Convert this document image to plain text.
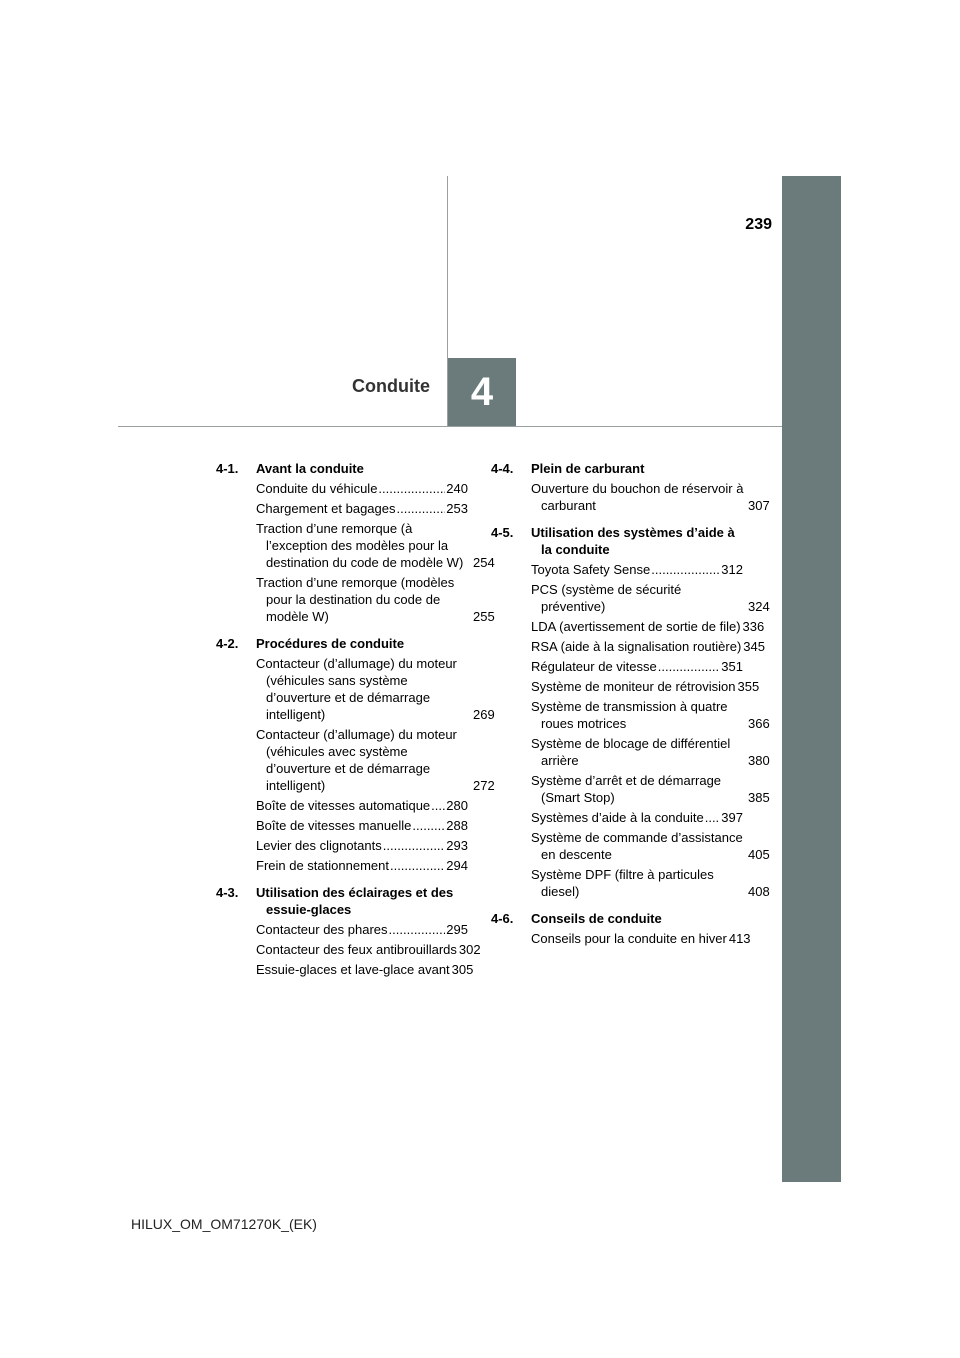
239
Conduite	4
4-1.	Avant la conduite
Conduite du véhicule .....	240
Chargement et bagages .....	253
Traction d’une remorque (à l’exception des modèles pour la destination du code de modèle W) 254
Traction d’une remorque (modèles pour la destination du code de modèle W)	255
4-2.	Procédures de conduite
Contacteur (d’allumage) du moteur (véhicules sans système d’ouverture et de démarrage intelligent)	269
Contacteur (d’allumage) du moteur (véhicules avec système d’ouverture et de démarrage intelligent)	272
Boîte de vitesses automatique ..... 280
Boîte de vitesses manuelle .....	288
Levier des clignotants .....	293
Frein de stationnement .....	294
4-3.	Utilisation des éclairages et des essuie-glaces
Contacteur des phares .....	295
Contacteur des feux antibrouillards 302
Essuie-glaces et lave-glace avant 305
4-4.	Plein de carburant
Ouverture du bouchon de réservoir à carburant	307
4-5.	Utilisation des systèmes d’aide à la conduite
Toyota Safety Sense .....	312
PCS (système de sécurité préventive)	324
LDA (avertissement de sortie de file) 336
RSA (aide à la signalisation routière) 345
Régulateur de vitesse .....	351
Système de moniteur de rétrovision 355
Système de transmission à quatre roues motrices	366
Système de blocage de différentiel arrière	380
Système d’arrêt et de démarrage (Smart Stop)	385
Systèmes d’aide à la conduite ..... 397
Système de commande d’assistance en descente	405
Système DPF (filtre à particules diesel)	408
4-6.	Conseils de conduite
Conseils pour la conduite en hiver 413
HILUX_OM_OM71270K_(EK)
